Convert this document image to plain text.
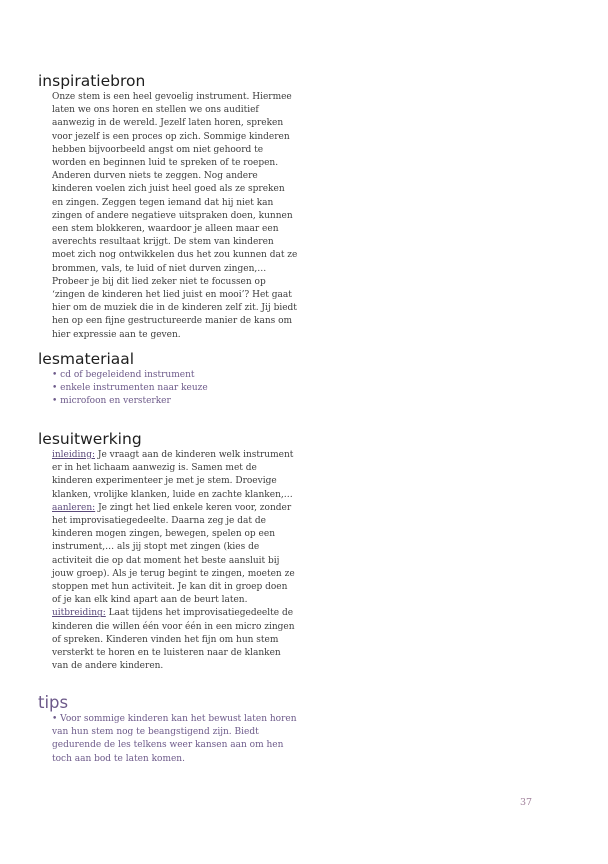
inspiratiebron
Onze stem is een heel gevoelig instrument. Hiermee laten we ons horen en stellen we ons auditief aanwezig in de wereld. Jezelf laten horen, spreken voor jezelf is een proces op zich. Sommige kinderen hebben bijvoorbeeld angst om niet gehoord te worden en beginnen luid te spreken of te roepen. Anderen durven niets te zeggen. Nog andere kinderen voelen zich juist heel goed als ze spreken en zingen. Zeggen tegen iemand dat hij niet kan zingen of andere negatieve uitspraken doen, kunnen een stem blokkeren, waardoor je alleen maar een averechts resultaat krijgt. De stem van kinderen moet zich nog ontwikkelen dus het zou kunnen dat ze brommen, vals, te luid of niet durven zingen,… Probeer je bij dit lied zeker niet te focussen op ‘zingen de kinderen het lied juist en mooi’? Het gaat hier om de muziek die in de kinderen zelf zit. Jij biedt hen op een fijne gestructureerde manier de kans om hier expressie aan te geven.
lesmateriaal
• cd of begeleidend instrument
• enkele instrumenten naar keuze
• microfoon en versterker
lesuitwerking
inleiding: Je vraagt aan de kinderen welk instrument er in het lichaam aanwezig is. Samen met de kinderen experimenteer je met je stem. Droevige klanken, vrolijke klanken, luide en zachte klanken,…
aanleren: Je zingt het lied enkele keren voor, zonder het improvisatiegedeelte. Daarna zeg je dat de kinderen mogen zingen, bewegen, spelen op een instrument,… als jij stopt met zingen (kies de activiteit die op dat moment het beste aansluit bij jouw groep). Als je terug begint te zingen, moeten ze stoppen met hun activiteit. Je kan dit in groep doen of je kan elk kind apart aan de beurt laten.
uitbreiding: Laat tijdens het improvisatiegedeelte de kinderen die willen één voor één in een micro zingen of spreken. Kinderen vinden het fijn om hun stem versterkt te horen en te luisteren naar de klanken van de andere kinderen.
tips
• Voor sommige kinderen kan het bewust laten horen van hun stem nog te beangstigend zijn. Biedt gedurende de les telkens weer kansen aan om hen toch aan bod te laten komen.
37
